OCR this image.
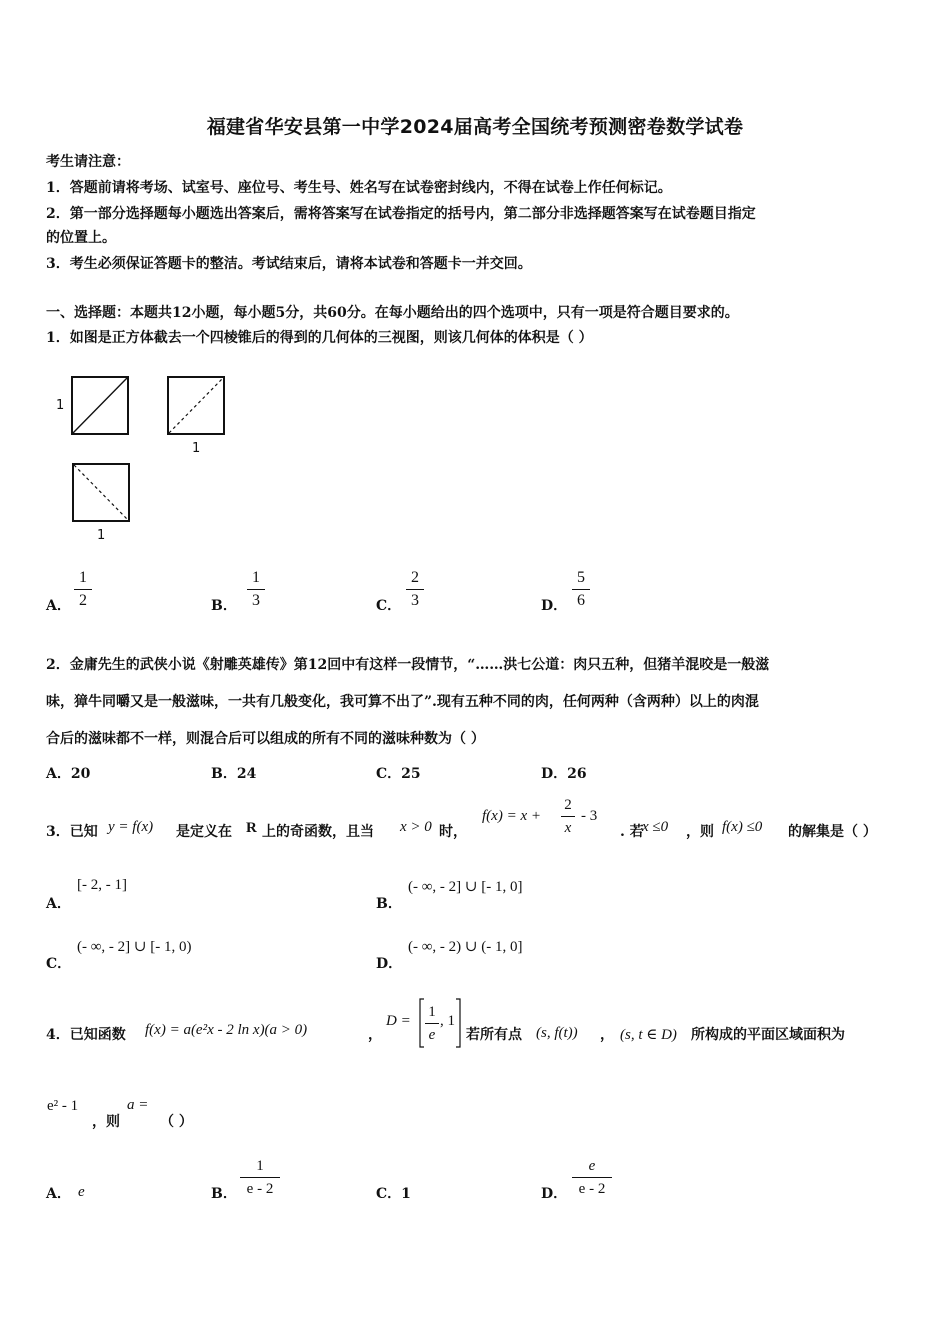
福建省华安县第一中学2024届高考全国统考预测密卷数学试卷
考生请注意：
1．答题前请将考场、试室号、座位号、考生号、姓名写在试卷密封线内，不得在试卷上作任何标记。
2．第一部分选择题每小题选出答案后，需将答案写在试卷指定的括号内，第二部分非选择题答案写在试卷题目指定
的位置上。
3．考生必须保证答题卡的整洁。考试结束后，请将本试卷和答题卡一并交回。
一、选择题：本题共12小题，每小题5分，共60分。在每小题给出的四个选项中，只有一项是符合题目要求的。
1．如图是正方体截去一个四棱锥后的得到的几何体的三视图，则该几何体的体积是（ ）
1
1
1
A．
1
2	B．
1
3	C．
2
3	D．
5
6
2．金庸先生的武侠小说《射雕英雄传》第12回中有这样一段情节，“……洪七公道：肉只五种，但猪羊混咬是一般滋
味，獐牛同嚼又是一般滋味，一共有几般变化，我可算不出了”.现有五种不同的肉，任何两种（含两种）以上的肉混
合后的滋味都不一样，则混合后可以组成的所有不同的滋味种数为（ ）
A．20	B．24	C．25	D．26
3．已知 y = f(x) 是定义在 R 上的奇函数，且当 x > 0 时，
f(x) = x +
2
x
- 3
. 若
x ≤0 ，则 f(x) ≤0 的解集是（ ）
A．
[- 2, - 1]
B．
(- ∞, - 2] ∪ [- 1, 0]
C．
(- ∞, - 2] ∪ [- 1, 0)
D．
(- ∞, - 2) ∪ (- 1, 0]
4．已知函数 f(x) = a(e²x - 2 ln x)(a > 0)	，
D =
1
e
, 1
若所有点 (s, f(t)) ， (s, t ∈ D) 所构成的平面区域面积为
e² - 1
，则
a =
（ ）
A． e	B．
1
e - 2	C．1	D．
e
e - 2
